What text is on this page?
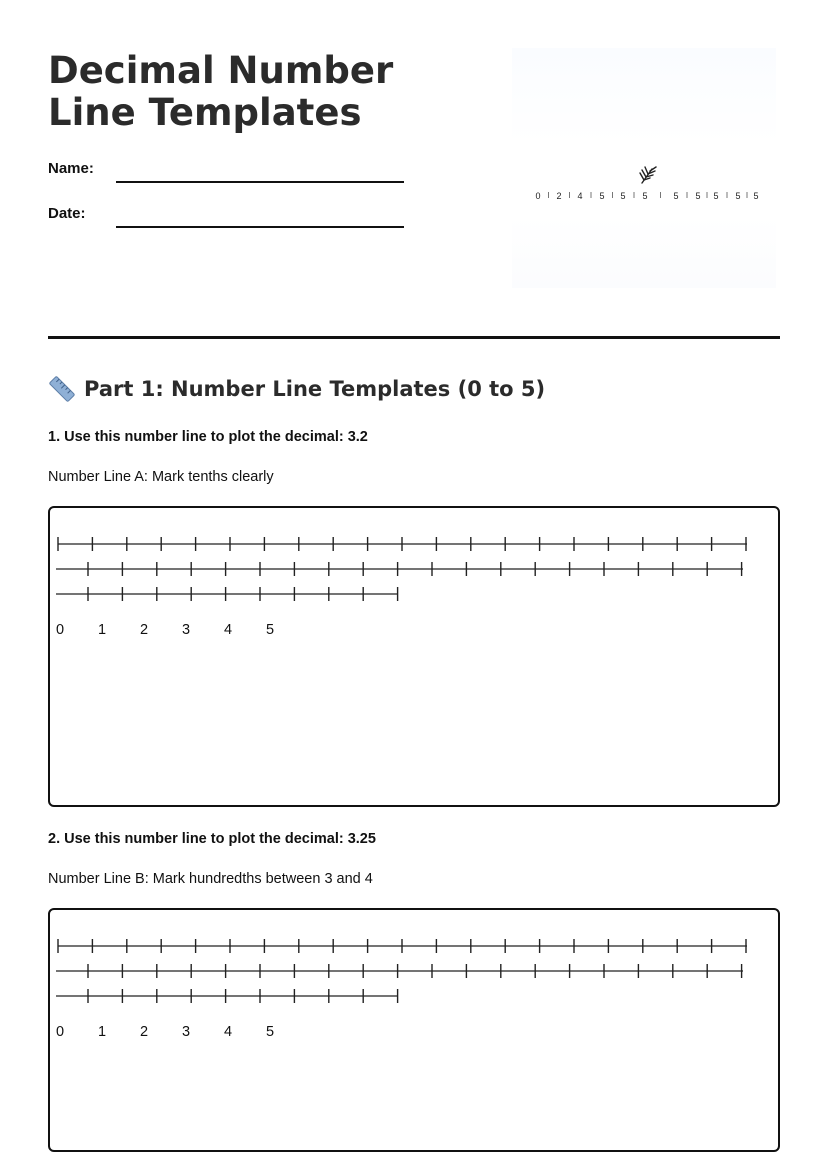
Decimal Number Line Templates
Name:
Date:
0 2 4 5 5 5	5 5 5 5 5
Part 1: Number Line Templates (0 to 5)
1. Use this number line to plot the decimal: 3.2
Number Line A: Mark tenths clearly
0 1 2 3 4 5
2. Use this number line to plot the decimal: 3.25
Number Line B: Mark hundredths between 3 and 4
0 1 2 3 4 5
